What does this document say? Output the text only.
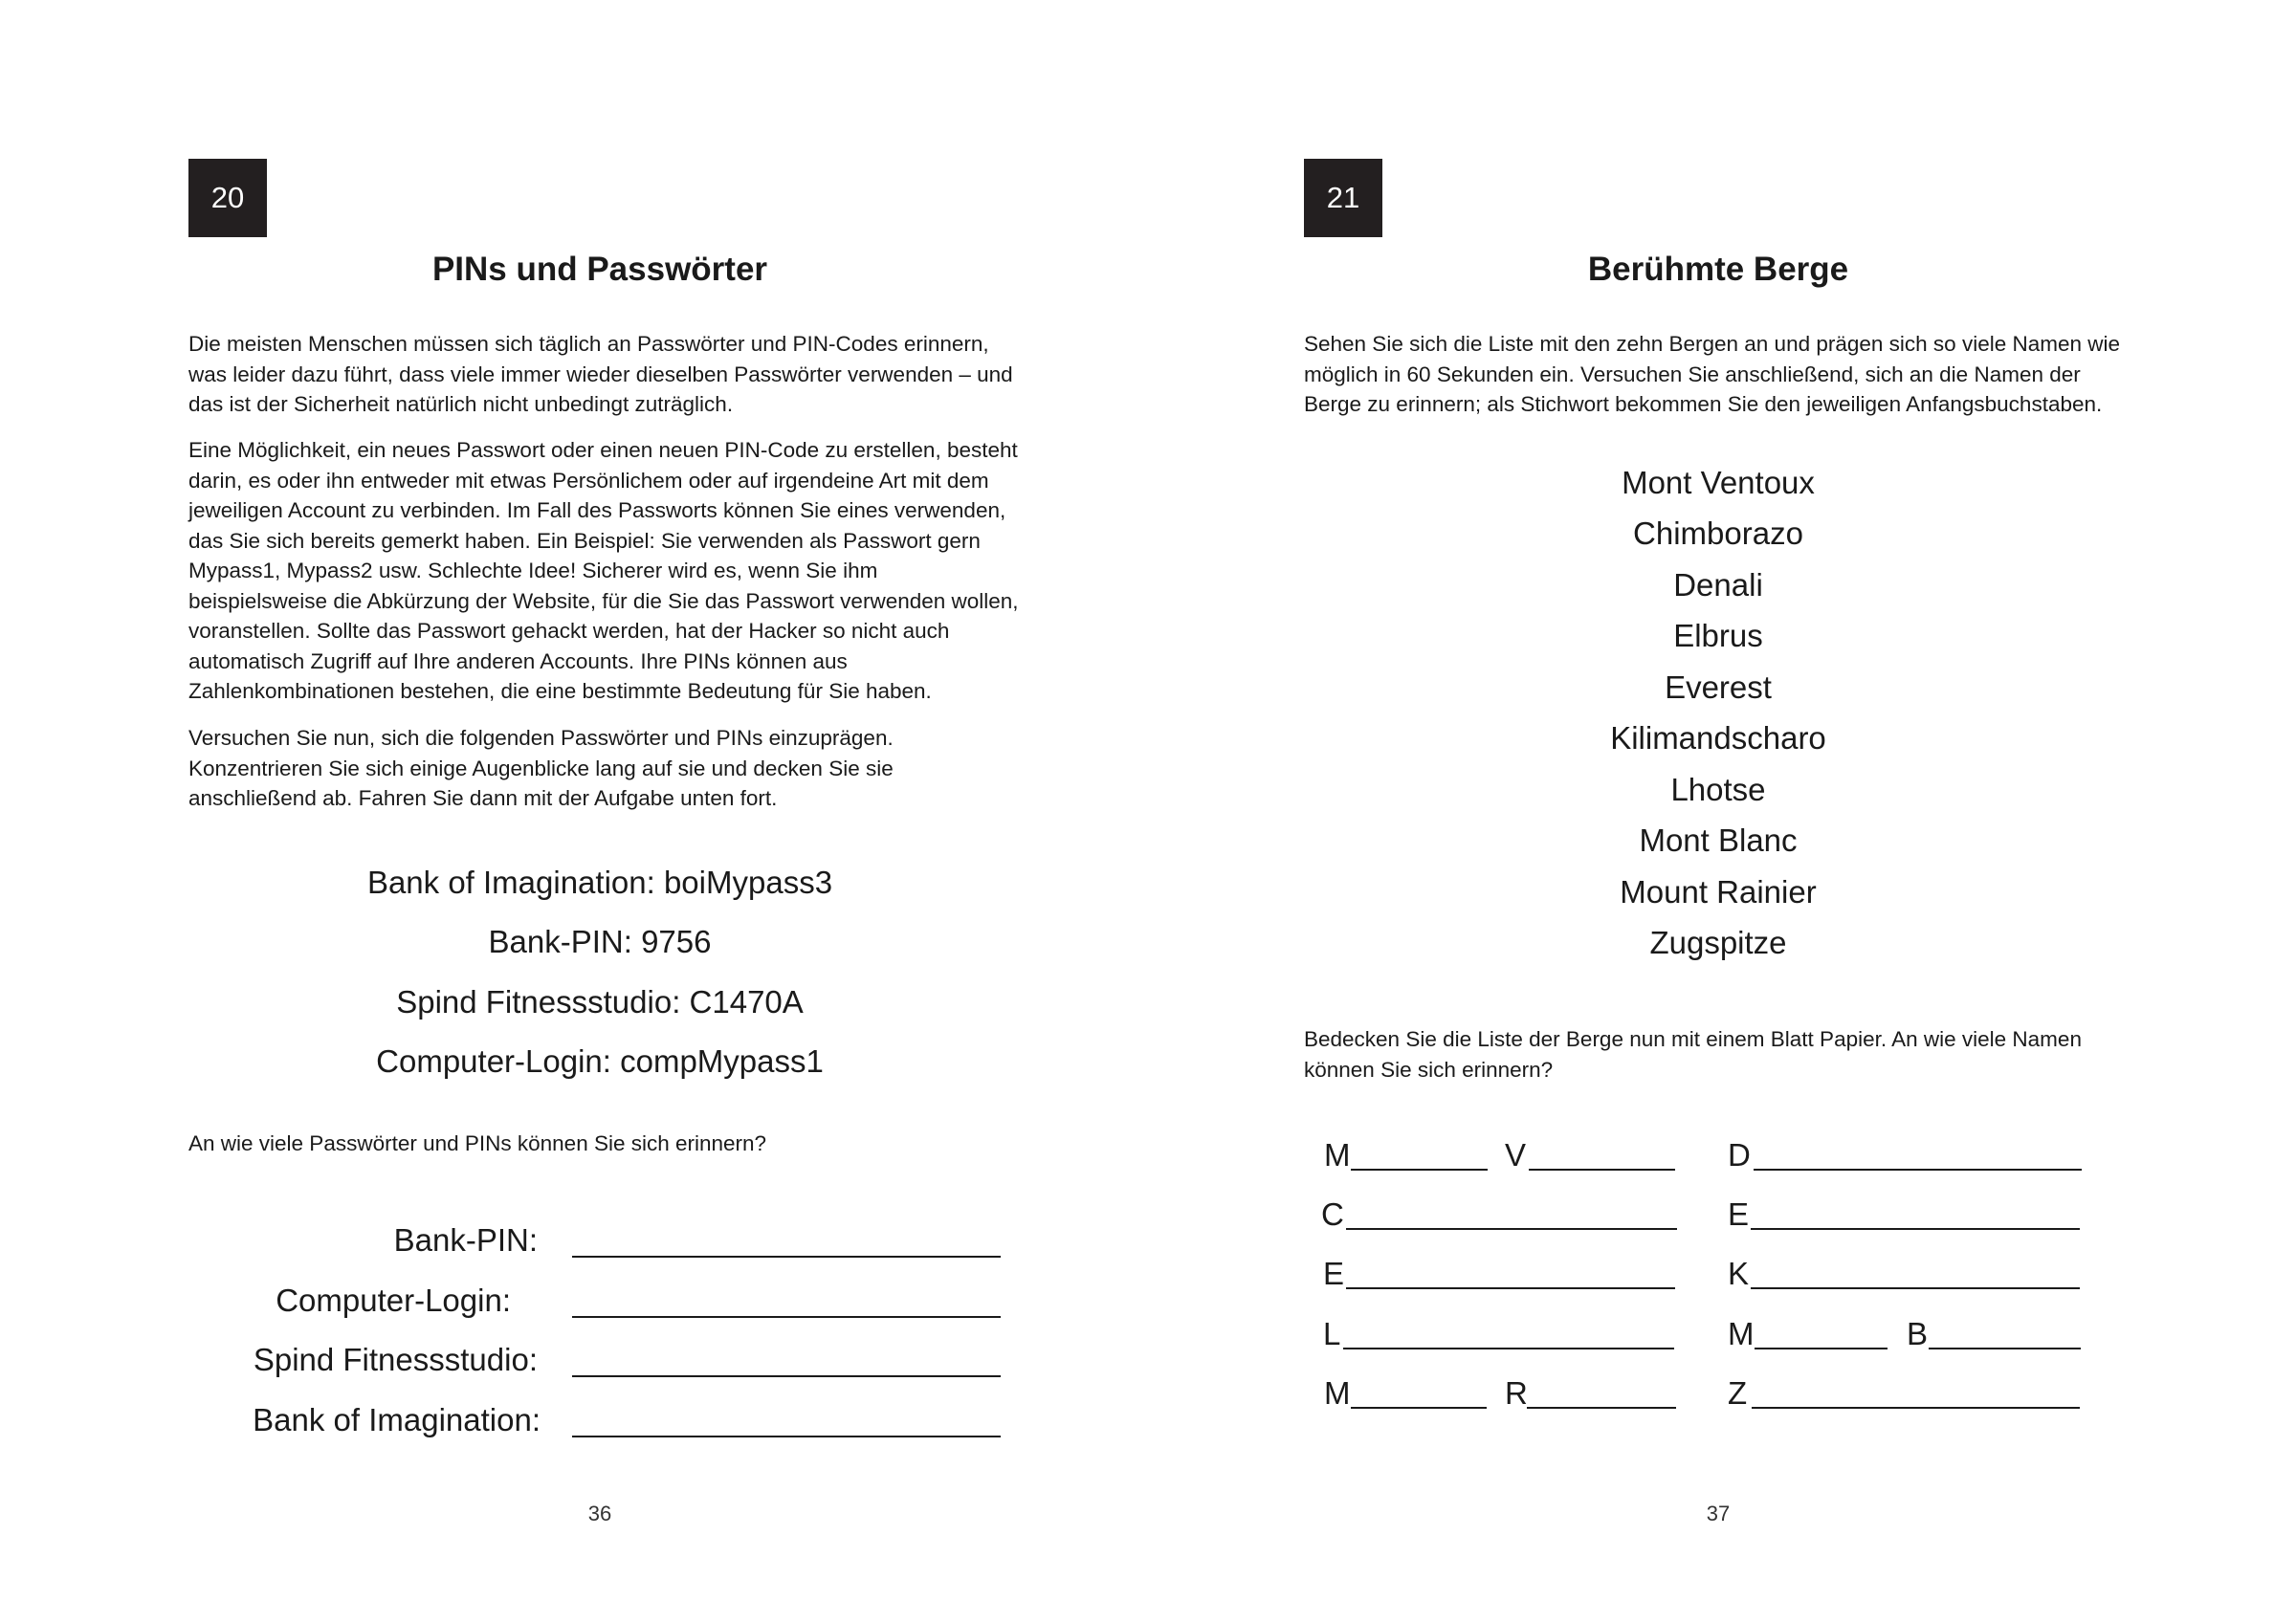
20
PINs und Passwörter

Die meisten Menschen müssen sich täglich an Passwörter und PIN-Codes erinnern, was leider dazu führt, dass viele immer wieder dieselben Passwörter verwenden – und das ist der Sicherheit natürlich nicht unbedingt zuträglich.

Eine Möglichkeit, ein neues Passwort oder einen neuen PIN-Code zu erstellen, besteht darin, es oder ihn entweder mit etwas Persönlichem oder auf irgendeine Art mit dem jeweiligen Account zu verbinden. Im Fall des Passworts können Sie eines verwenden, das Sie sich bereits gemerkt haben. Ein Beispiel: Sie verwenden als Passwort gern Mypass1, Mypass2 usw. Schlechte Idee! Sicherer wird es, wenn Sie ihm beispielsweise die Abkürzung der Website, für die Sie das Passwort verwenden wollen, voranstellen. Sollte das Passwort gehackt werden, hat der Hacker so nicht auch automatisch Zugriff auf Ihre anderen Accounts. Ihre PINs können aus Zahlenkombinationen bestehen, die eine bestimmte Bedeutung für Sie haben.

Versuchen Sie nun, sich die folgenden Passwörter und PINs einzuprägen. Konzentrieren Sie sich einige Augenblicke lang auf sie und decken Sie sie anschließend ab. Fahren Sie dann mit der Aufgabe unten fort.

Bank of Imagination: boiMypass3
Bank-PIN: 9756
Spind Fitnessstudio: C1470A
Computer-Login: compMypass1

An wie viele Passwörter und PINs können Sie sich erinnern?

Bank-PIN:
Computer-Login:
Spind Fitnessstudio:
Bank of Imagination:
36
21
Berühmte Berge

Sehen Sie sich die Liste mit den zehn Bergen an und prägen sich so viele Namen wie möglich in 60 Sekunden ein. Versuchen Sie anschließend, sich an die Namen der Berge zu erinnern; als Stichwort bekommen Sie den jeweiligen Anfangsbuchstaben.

Mont Ventoux
Chimborazo
Denali
Elbrus
Everest
Kilimandscharo
Lhotse
Mont Blanc
Mount Rainier
Zugspitze

Bedecken Sie die Liste der Berge nun mit einem Blatt Papier. An wie viele Namen können Sie sich erinnern?

M	V	D
C	E
E	K
L	M	B
M	R	Z
37
